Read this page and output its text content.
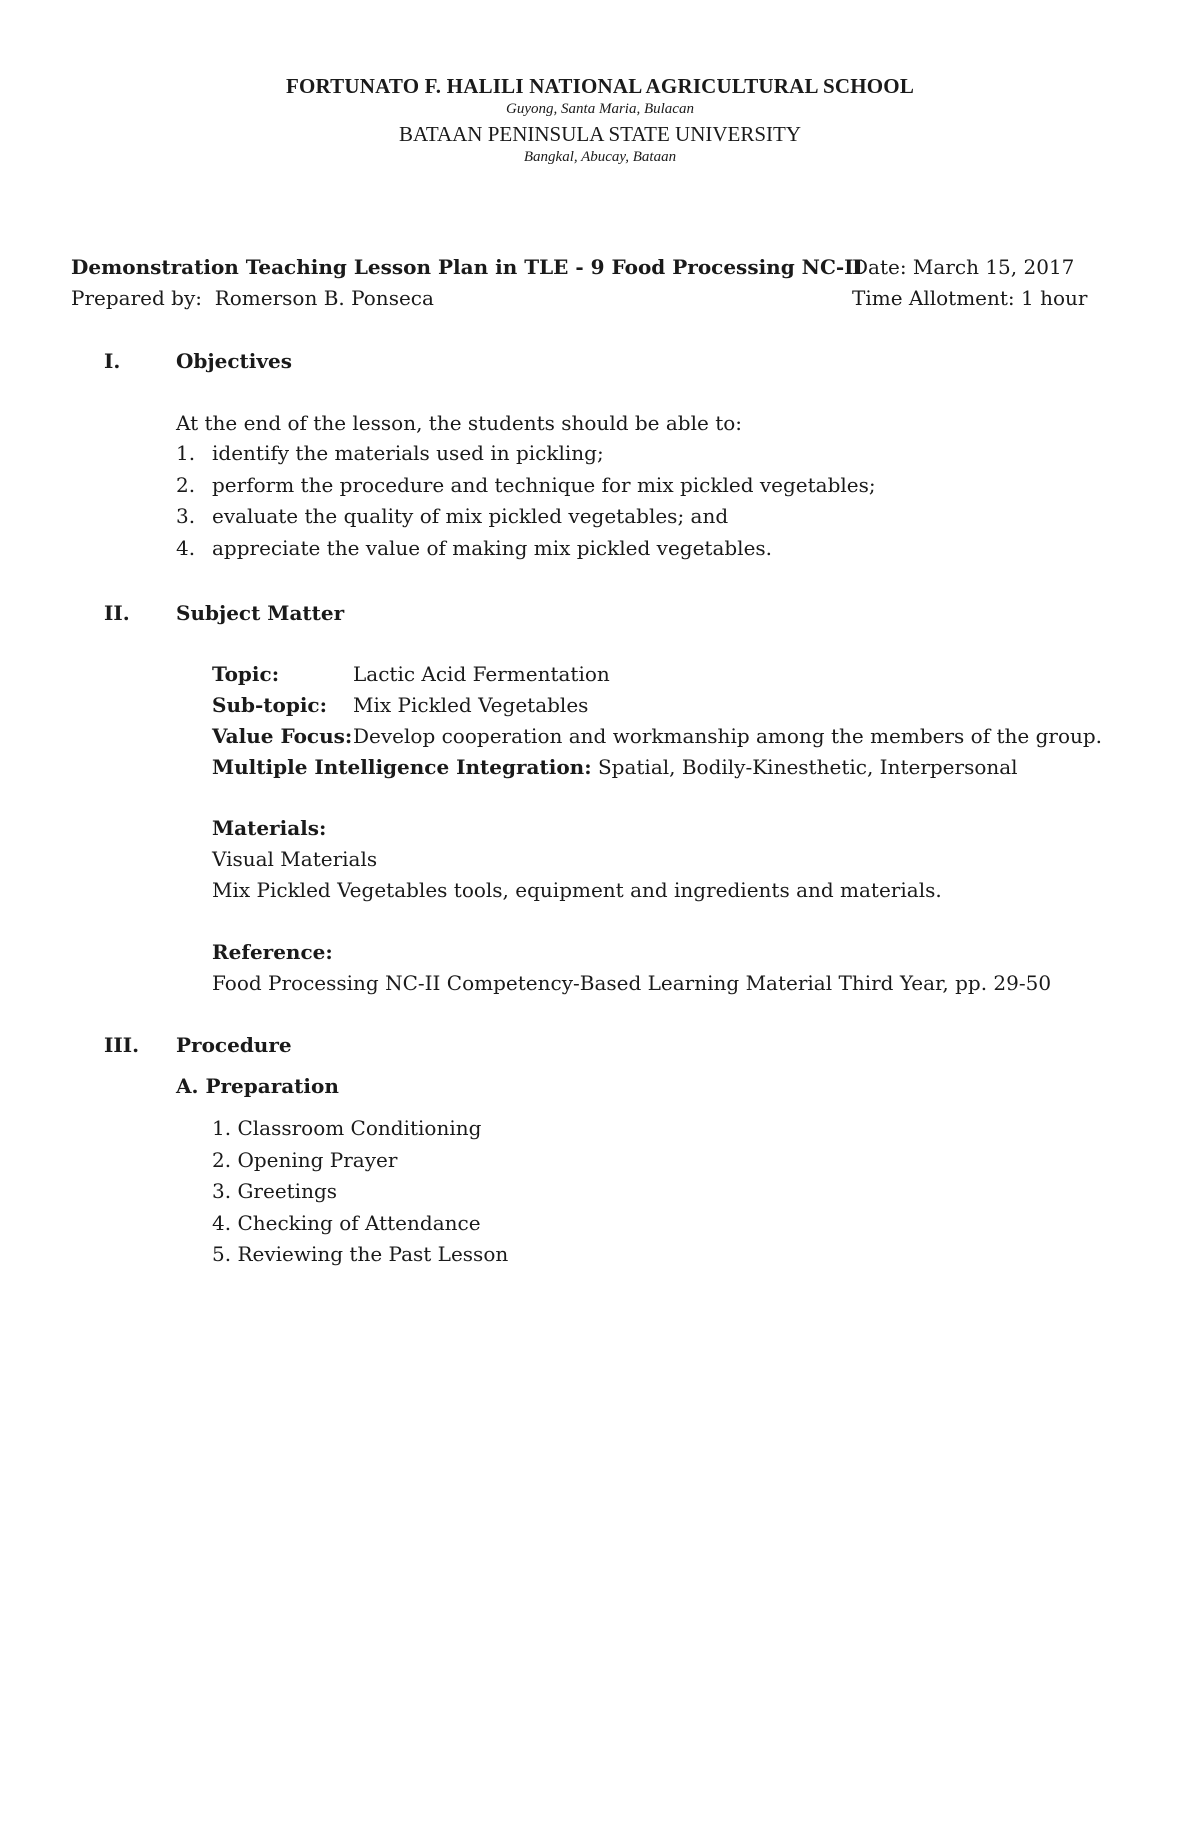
FORTUNATO F. HALILI NATIONAL AGRICULTURAL SCHOOL
Guyong, Santa Maria, Bulacan
BATAAN PENINSULA STATE UNIVERSITY
Bangkal, Abucay, Bataan
Demonstration Teaching Lesson Plan in TLE - 9 Food Processing NC-II
Date: March 15, 2017
Prepared by: Romerson B. Ponseca	Time Allotment: 1 hour
I.	Objectives
At the end of the lesson, the students should be able to:
1. identify the materials used in pickling;
2. perform the procedure and technique for mix pickled vegetables;
3. evaluate the quality of mix pickled vegetables; and
4. appreciate the value of making mix pickled vegetables.
II. Subject Matter
Topic:	Lactic Acid Fermentation
Sub-topic: Mix Pickled Vegetables
Value Focus: Develop cooperation and workmanship among the members of the group.
Multiple Intelligence Integration: Spatial, Bodily-Kinesthetic, Interpersonal
Materials:
Visual Materials
Mix Pickled Vegetables tools, equipment and ingredients and materials.
Reference:
Food Processing NC-II Competency-Based Learning Material Third Year, pp. 29-50
III. Procedure
A. Preparation
1. Classroom Conditioning
2. Opening Prayer
3. Greetings
4. Checking of Attendance
5. Reviewing the Past Lesson
